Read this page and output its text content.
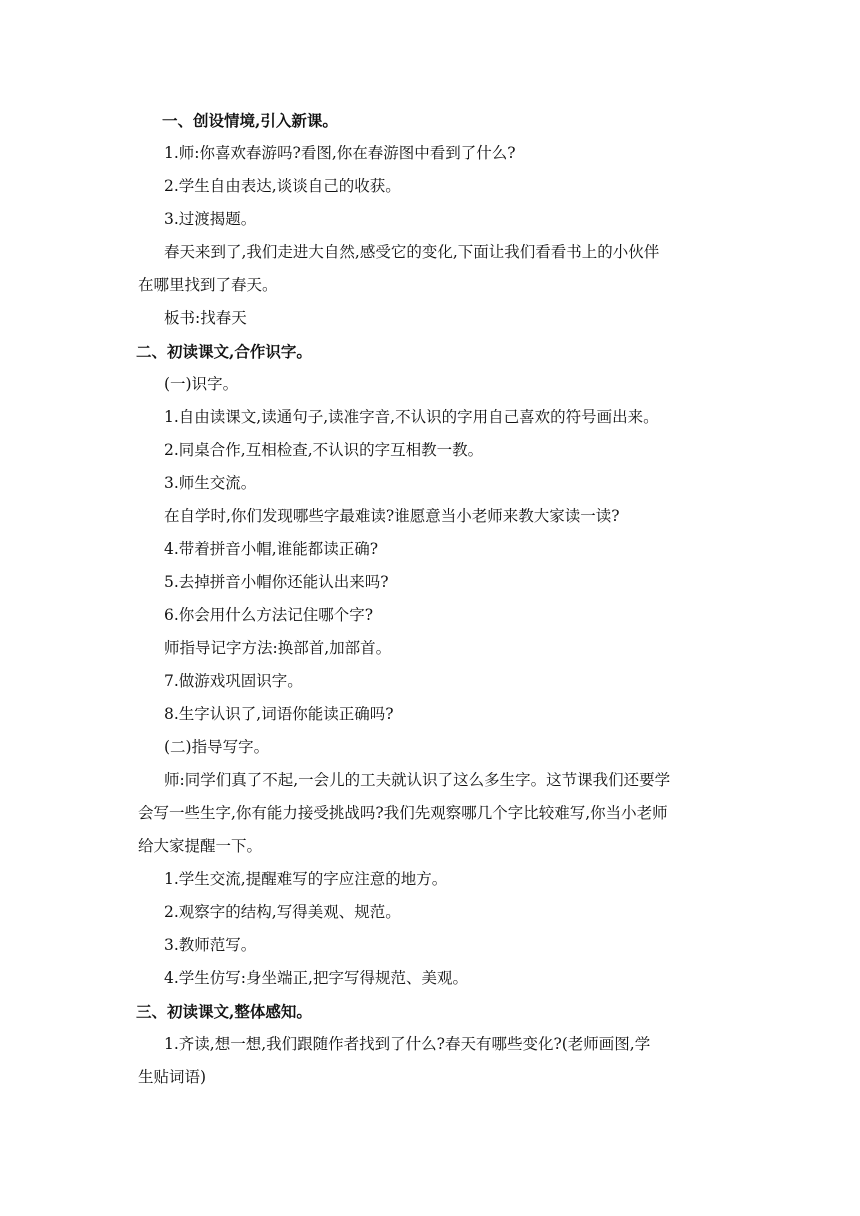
一、创设情境,引入新课。

1.师:你喜欢春游吗?看图,你在春游图中看到了什么?

2.学生自由表达,谈谈自己的收获。

3.过渡揭题。

春天来到了,我们走进大自然,感受它的变化,下面让我们看看书上的小伙伴

在哪里找到了春天。

板书:找春天

二、初读课文,合作识字。

(一)识字。

1.自由读课文,读通句子,读准字音,不认识的字用自己喜欢的符号画出来。

2.同桌合作,互相检查,不认识的字互相教一教。

3.师生交流。

在自学时,你们发现哪些字最难读?谁愿意当小老师来教大家读一读?

4.带着拼音小帽,谁能都读正确?

5.去掉拼音小帽你还能认出来吗?

6.你会用什么方法记住哪个字?

师指导记字方法:换部首,加部首。

7.做游戏巩固识字。

8.生字认识了,词语你能读正确吗?

(二)指导写字。

师:同学们真了不起,一会儿的工夫就认识了这么多生字。这节课我们还要学

会写一些生字,你有能力接受挑战吗?我们先观察哪几个字比较难写,你当小老师

给大家提醒一下。

1.学生交流,提醒难写的字应注意的地方。

2.观察字的结构,写得美观、规范。

3.教师范写。

4.学生仿写:身坐端正,把字写得规范、美观。

三、初读课文,整体感知。

1.齐读,想一想,我们跟随作者找到了什么?春天有哪些变化?(老师画图,学

生贴词语)
